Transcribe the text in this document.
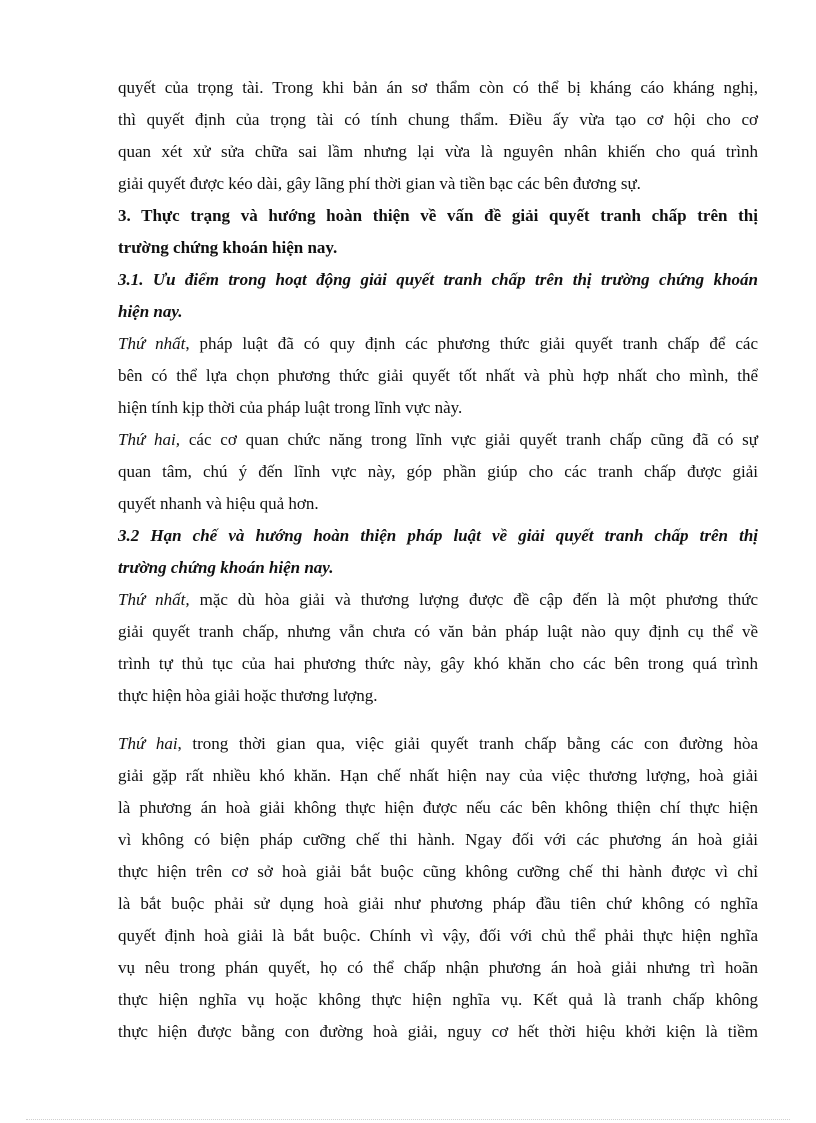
quyết của trọng tài. Trong khi bản án sơ thẩm còn có thể bị kháng cáo kháng nghị,
thì quyết định của trọng tài có tính chung thẩm. Điều ấy vừa tạo cơ hội cho cơ
quan xét xử sửa chữa sai lầm nhưng lại vừa là nguyên nhân khiến cho quá trình
giải quyết được kéo dài, gây lãng phí thời gian và tiền bạc các bên đương sự.
3. Thực trạng và hướng hoàn thiện về vấn đề giải quyết tranh chấp trên thị
trường chứng khoán hiện nay.
3.1. Ưu điểm trong hoạt động giải quyết tranh chấp trên thị trường chứng khoán
hiện nay.
Thứ nhất, pháp luật đã có quy định các phương thức giải quyết tranh chấp để các
bên có thể lựa chọn phương thức giải quyết tốt nhất và phù hợp nhất cho mình, thể
hiện tính kịp thời của pháp luật trong lĩnh vực này.
Thứ hai, các cơ quan chức năng trong lĩnh vực giải quyết tranh chấp cũng đã có sự
quan tâm, chú ý đến lĩnh vực này, góp phần giúp cho các tranh chấp được giải
quyết nhanh và hiệu quả hơn.
3.2 Hạn chế và hướng hoàn thiện pháp luật về giải quyết tranh chấp trên thị
trường chứng khoán hiện nay.
Thứ nhất, mặc dù hòa giải và thương lượng được đề cập đến là một phương thức
giải quyết tranh chấp, nhưng vẫn chưa có văn bản pháp luật nào quy định cụ thể về
trình tự thủ tục của hai phương thức này, gây khó khăn cho các bên trong quá trình
thực hiện hòa giải hoặc thương lượng.
Thứ hai, trong thời gian qua, việc giải quyết tranh chấp bằng các con đường hòa
giải gặp rất nhiều khó khăn. Hạn chế nhất hiện nay của việc thương lượng, hoà giải
là phương án hoà giải không thực hiện được nếu các bên không thiện chí thực hiện
vì không có biện pháp cưỡng chế thi hành. Ngay đối với các phương án hoà giải
thực hiện trên cơ sở hoà giải bắt buộc cũng không cưỡng chế thi hành được vì chỉ
là bắt buộc phải sử dụng hoà giải như phương pháp đầu tiên chứ không có nghĩa
quyết định hoà giải là bắt buộc. Chính vì vậy, đối với chủ thể phải thực hiện nghĩa
vụ nêu trong phán quyết, họ có thể chấp nhận phương án hoà giải nhưng trì hoãn
thực hiện nghĩa vụ hoặc không thực hiện nghĩa vụ. Kết quả là tranh chấp không
thực hiện được bằng con đường hoà giải, nguy cơ hết thời hiệu khởi kiện là tiềm
